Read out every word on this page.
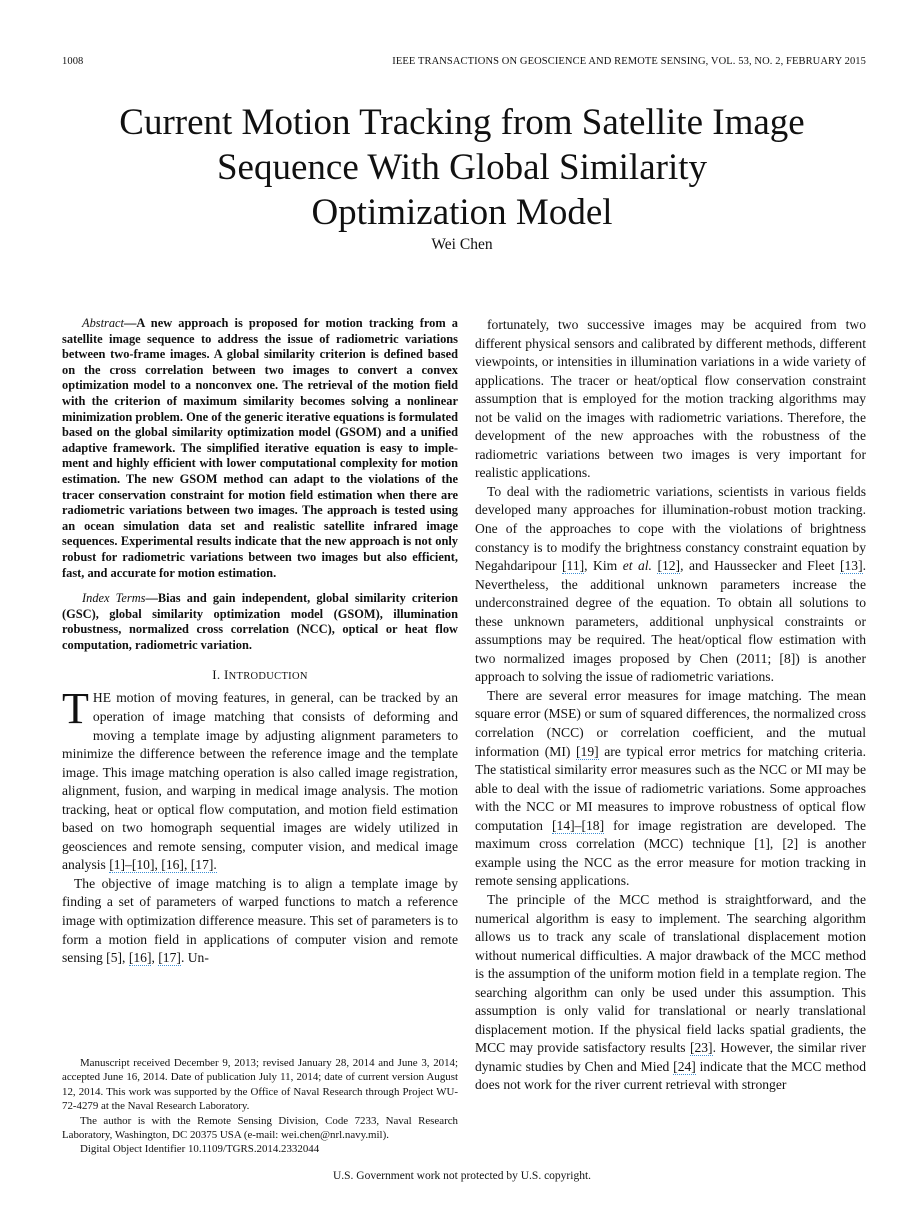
1008	IEEE TRANSACTIONS ON GEOSCIENCE AND REMOTE SENSING, VOL. 53, NO. 2, FEBRUARY 2015
Current Motion Tracking from Satellite Image
Sequence With Global Similarity
Optimization Model
Wei Chen

Abstract—A new approach is proposed for motion tracking from a satellite image sequence to address the issue of radiometric variations between two-frame images. A global similarity criterion is defined based on the cross correlation between two images to convert a convex optimization model to a nonconvex one. The retrieval of the motion field with the criterion of maximum similarity becomes solving a nonlinear minimization problem. One of the generic iterative equations is formulated based on the global similarity optimization model (GSOM) and a unified adaptive framework. The simplified iterative equation is easy to implement and highly efficient with lower computational complexity for motion estimation. The new GSOM method can adapt to the violations of the tracer conservation constraint for motion field estimation when there are radiometric variations between two images. The approach is tested using an ocean simulation data set and realistic satellite infrared image sequences. Experimental results indicate that the new approach is not only robust for radiometric variations between two images but also efficient, fast, and accurate for motion estimation.

Index Terms—Bias and gain independent, global similarity criterion (GSC), global similarity optimization model (GSOM), illumination robustness, normalized cross correlation (NCC), optical or heat flow computation, radiometric variation.

I. INTRODUCTION

THE motion of moving features, in general, can be tracked by an operation of image matching that consists of deforming and moving a template image by adjusting alignment parameters to minimize the difference between the reference image and the template image. This image matching operation is also called image registration, alignment, fusion, and warping in medical image analysis. The motion tracking, heat or optical flow computation, and motion field estimation based on two homograph sequential images are widely utilized in geosciences and remote sensing, computer vision, and medical image analysis [1]–[10], [16], [17].

The objective of image matching is to align a template image by finding a set of parameters of warped functions to match a reference image with optimization difference measure. This set of parameters is to form a motion field in applications of computer vision and remote sensing [5], [16], [17]. Un-

fortunately, two successive images may be acquired from two different physical sensors and calibrated by different methods, different viewpoints, or intensities in illumination variations in a wide variety of applications. The tracer or heat/optical flow conservation constraint assumption that is employed for the motion tracking algorithms may not be valid on the images with radiometric variations. Therefore, the development of the new approaches with the robustness of the radiometric variations between two images is very important for realistic applications.

To deal with the radiometric variations, scientists in various fields developed many approaches for illumination-robust motion tracking. One of the approaches to cope with the violations of brightness constancy is to modify the brightness constancy constraint equation by Negahdaripour [11], Kim et al. [12], and Haussecker and Fleet [13]. Nevertheless, the additional unknown parameters increase the underconstrained degree of the equation. To obtain all solutions to these unknown parameters, additional unphysical constraints or assumptions may be required. The heat/optical flow estimation with two normalized images proposed by Chen (2011; [8]) is another approach to solving the issue of radiometric variations.

There are several error measures for image matching. The mean square error (MSE) or sum of squared differences, the normalized cross correlation (NCC) or correlation coefficient, and the mutual information (MI) [19] are typical error metrics for matching criteria. The statistical similarity error measures such as the NCC or MI may be able to deal with the issue of radiometric variations. Some approaches with the NCC or MI measures to improve robustness of optical flow computation [14]–[18] for image registration are developed. The maximum cross correlation (MCC) technique [1], [2] is another example using the NCC as the error measure for motion tracking in remote sensing applications.

The principle of the MCC method is straightforward, and the numerical algorithm is easy to implement. The searching algorithm allows us to track any scale of translational displacement motion without numerical difficulties. A major drawback of the MCC method is the assumption of the uniform motion field in a template region. The searching algorithm can only be used under this assumption. This assumption is only valid for translational or nearly translational displacement motion. If the physical field lacks spatial gradients, the MCC may provide satisfactory results [23]. However, the similar river dynamic studies by Chen and Mied [24] indicate that the MCC method does not work for the river current retrieval with stronger

Manuscript received December 9, 2013; revised January 28, 2014 and June 3, 2014; accepted June 16, 2014. Date of publication July 11, 2014; date of current version August 12, 2014. This work was supported by the Office of Naval Research through Project WU-72-4279 at the Naval Research Laboratory.

The author is with the Remote Sensing Division, Code 7233, Naval Research Laboratory, Washington, DC 20375 USA (e-mail: wei.chen@nrl.navy.mil).

Digital Object Identifier 10.1109/TGRS.2014.2332044

U.S. Government work not protected by U.S. copyright.
